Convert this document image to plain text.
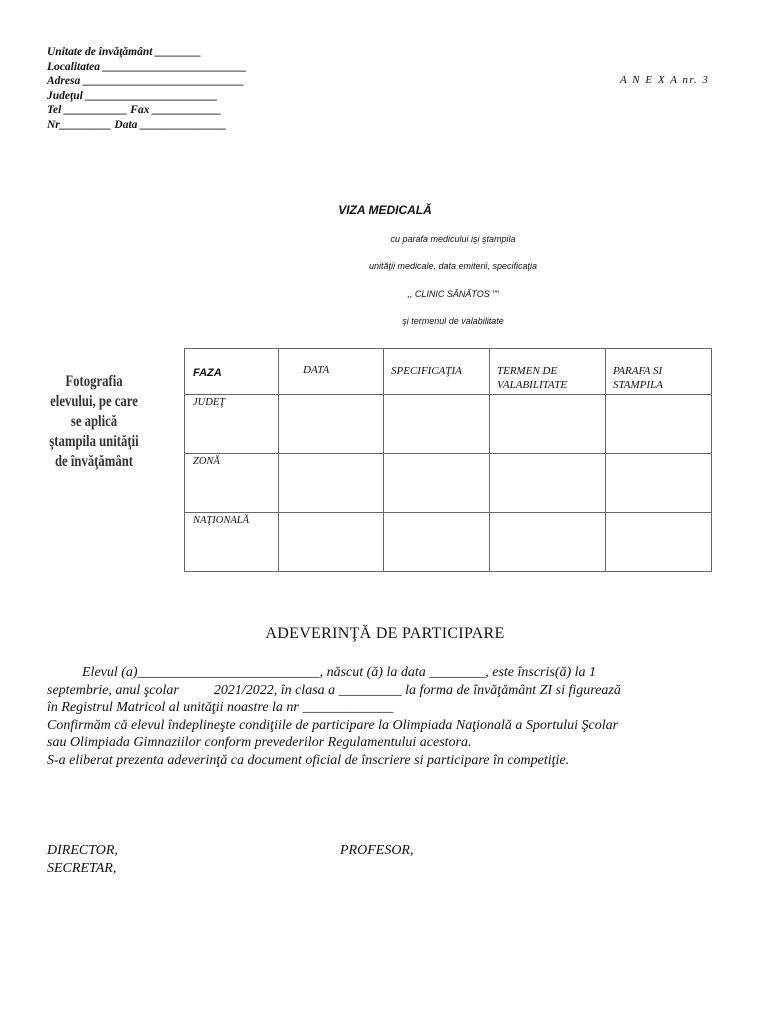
Unitate de învăţământ ________
Localitatea _________________________
Adresa ____________________________
Judeţul _______________________
Tel ___________ Fax ____________
Nr_________ Data _______________
A N E X A nr. 3
VIZA MEDICALĂ
cu parafa medicului işi ştampila
unităţii medicale, data emiterii, specificaţia
,, CLINIC SĂNĂTOS ""
şi termenul de valabilitate
Fotografia elevului, pe care se aplică ştampila unităţii de învăţământ
FAZA	DATA	SPECIFICAŢIA	TERMEN DE VALABILITATE	PARAFA SI STAMPILA

JUDEŢ				

ZONĂ				

NAŢIONALĂ				

ADEVERINŢĂ DE PARTICIPARE
Elevul (a)__________________________, născut (ă) la data ________, este înscris(ă) la 1
septembrie, anul şcolar          2021/2022, în clasa a _________ la forma de învăţământ ZI si figurează
în Registrul Matricol al unităţii noastre la nr _____________
Confirmăm că elevul îndeplineşte condiţiile de participare la Olimpiada Naţională a Sportului Şcolar
sau Olimpiada Gimnaziilor conform prevederilor Regulamentului acestora.
S-a eliberat prezenta adeverinţă ca document oficial de înscriere si participare în competiţie.
DIRECTOR,
SECRETAR,
PROFESOR,
